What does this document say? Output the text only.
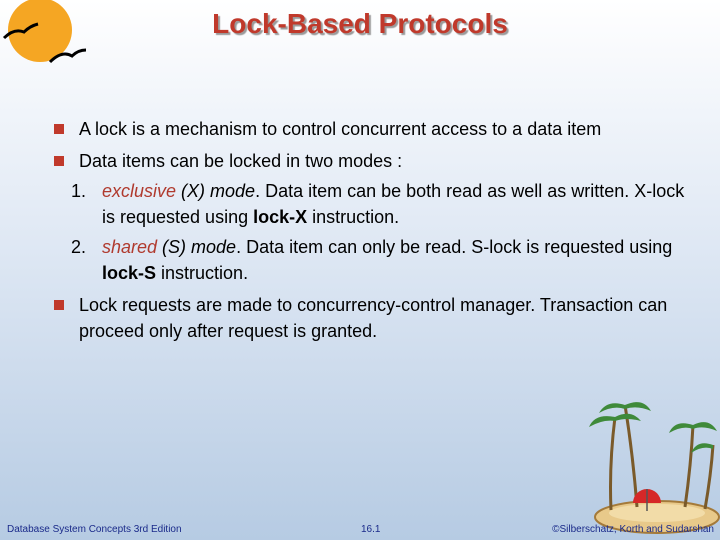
Lock-Based Protocols
A lock is a mechanism to control concurrent access to a data item
Data items can be locked in two modes :
1. exclusive (X) mode. Data item can be both read as well as written. X-lock is requested using lock-X instruction.
2. shared (S) mode. Data item can only be read. S-lock is requested using lock-S instruction.
Lock requests are made to concurrency-control manager. Transaction can proceed only after request is granted.
Database System Concepts 3rd Edition	16.1	©Silberschatz, Korth and Sudarshan
